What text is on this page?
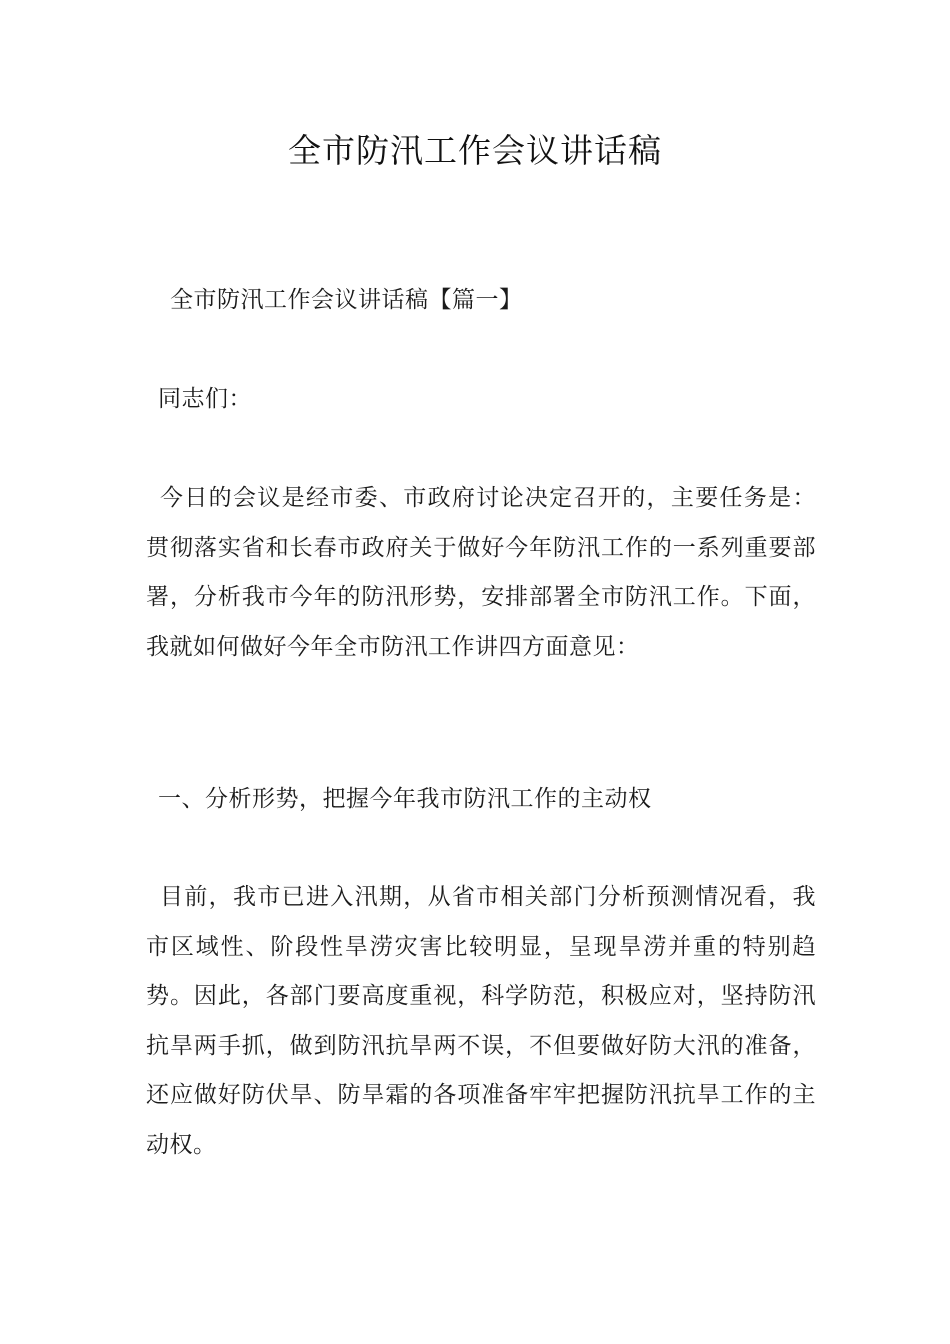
全市防汛工作会议讲话稿
全市防汛工作会议讲话稿【篇一】
同志们：
今日的会议是经市委、市政府讨论决定召开的，主要任务是：贯彻落实省和长春市政府关于做好今年防汛工作的一系列重要部署，分析我市今年的防汛形势，安排部署全市防汛工作。下面，我就如何做好今年全市防汛工作讲四方面意见：
一、分析形势，把握今年我市防汛工作的主动权
目前，我市已进入汛期，从省市相关部门分析预测情况看，我市区域性、阶段性旱涝灾害比较明显，呈现旱涝并重的特别趋势。因此，各部门要高度重视，科学防范，积极应对，坚持防汛抗旱两手抓，做到防汛抗旱两不误，不但要做好防大汛的准备，还应做好防伏旱、防旱霜的各项准备牢牢把握防汛抗旱工作的主动权。
